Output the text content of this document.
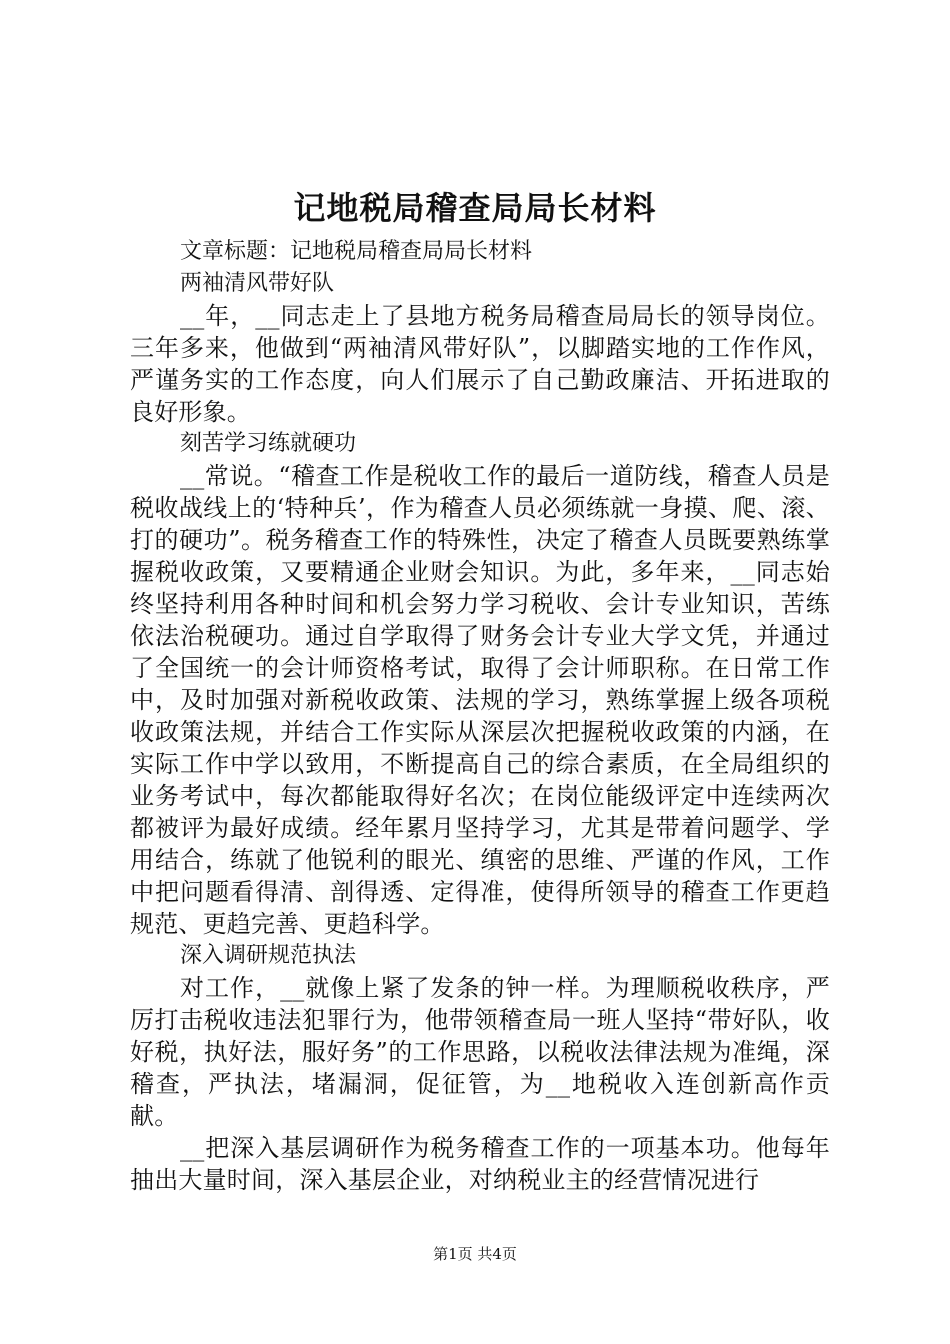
记地税局稽查局局长材料

文章标题：记地税局稽查局局长材料

两袖清风带好队

__年，__同志走上了县地方税务局稽查局局长的领导岗位。三年多来，他做到“两袖清风带好队”，以脚踏实地的工作作风，严谨务实的工作态度，向人们展示了自己勤政廉洁、开拓进取的良好形象。

刻苦学习练就硬功

__常说。“稽查工作是税收工作的最后一道防线，稽查人员是税收战线上的‘特种兵’，作为稽查人员必须练就一身摸、爬、滚、打的硬功”。税务稽查工作的特殊性，决定了稽查人员既要熟练掌握税收政策，又要精通企业财会知识。为此，多年来，__同志始终坚持利用各种时间和机会努力学习税收、会计专业知识，苦练依法治税硬功。通过自学取得了财务会计专业大学文凭，并通过了全国统一的会计师资格考试，取得了会计师职称。在日常工作中，及时加强对新税收政策、法规的学习，熟练掌握上级各项税收政策法规，并结合工作实际从深层次把握税收政策的内涵，在实际工作中学以致用，不断提高自己的综合素质，在全局组织的业务考试中，每次都能取得好名次；在岗位能级评定中连续两次都被评为最好成绩。经年累月坚持学习，尤其是带着问题学、学用结合，练就了他锐利的眼光、缜密的思维、严谨的作风，工作中把问题看得清、剖得透、定得准，使得所领导的稽查工作更趋规范、更趋完善、更趋科学。

深入调研规范执法

对工作，__就像上紧了发条的钟一样。为理顺税收秩序，严厉打击税收违法犯罪行为，他带领稽查局一班人坚持“带好队，收好税，执好法，服好务”的工作思路，以税收法律法规为准绳，深稽查，严执法，堵漏洞，促征管，为__地税收入连创新高作贡献。

__把深入基层调研作为税务稽查工作的一项基本功。他每年抽出大量时间，深入基层企业，对纳税业主的经营情况进行

第1页 共4页
